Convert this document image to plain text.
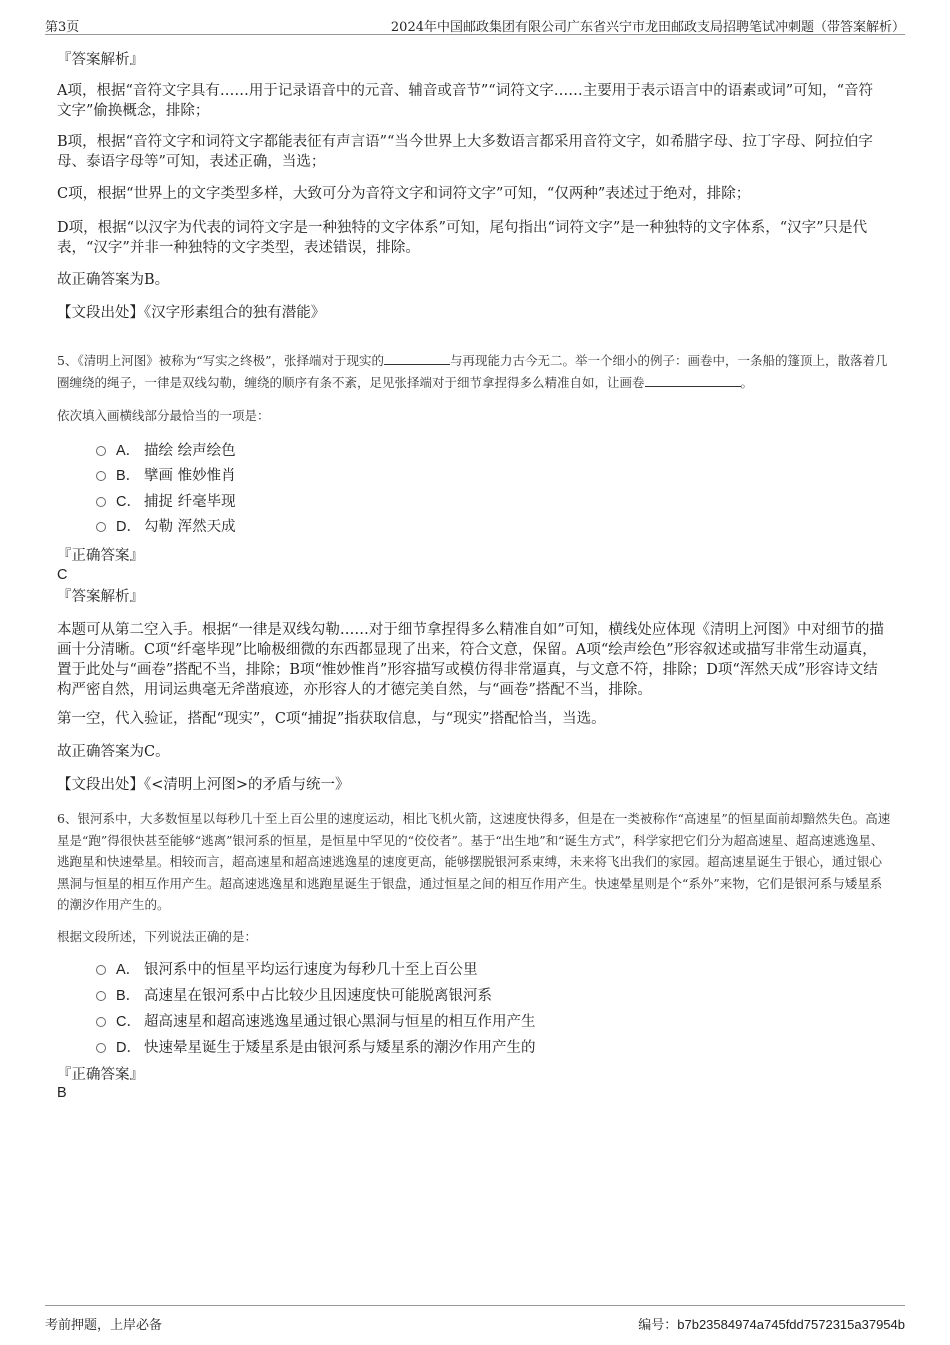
第3页	2024年中国邮政集团有限公司广东省兴宁市龙田邮政支局招聘笔试冲刺题（带答案解析）
『答案解析』
A项，根据“音符文字具有……用于记录语音中的元音、辅音或音节”“词符文字……主要用于表示语言中的语素或词”可知，“音符文字”偷换概念，排除；
B项，根据“音符文字和词符文字都能表征有声言语”“当今世界上大多数语言都采用音符文字，如希腊字母、拉丁字母、阿拉伯字母、泰语字母等”可知，表述正确，当选；
C项，根据“世界上的文字类型多样，大致可分为音符文字和词符文字”可知，“仅两种”表述过于绝对，排除；
D项，根据“以汉字为代表的词符文字是一种独特的文字体系”可知，尾句指出“词符文字”是一种独特的文字体系，“汉字”只是代表，“汉字”并非一种独特的文字类型，表述错误，排除。
故正确答案为B。
【文段出处】《汉字形素组合的独有潜能》
5、《清明上河图》被称为“写实之终极”，张择端对于现实的	与再现能力古今无二。举一个细小的例子：画卷中，一条船的篷顶上，散落着几圈缠绕的绳子，一律是双线勾勒，缠绕的顺序有条不紊，足见张择端对于细节拿捏得多么精准自如，让画卷	。
依次填入画横线部分最恰当的一项是：
A． 描绘 绘声绘色
B． 擘画 惟妙惟肖
C． 捕捉 纤毫毕现
D． 勾勒 浑然天成
『正确答案』
C
『答案解析』
本题可从第二空入手。根据“一律是双线勾勒……对于细节拿捏得多么精准自如”可知，横线处应体现《清明上河图》中对细节的描画十分清晰。C项“纤毫毕现”比喻极细微的东西都显现了出来，符合文意，保留。A项“绘声绘色”形容叙述或描写非常生动逼真，置于此处与“画卷”搭配不当，排除；B项“惟妙惟肖”形容描写或模仿得非常逼真，与文意不符，排除；D项“浑然天成”形容诗文结构严密自然，用词运典毫无斧凿痕迹，亦形容人的才德完美自然，与“画卷”搭配不当，排除。
第一空，代入验证，搭配“现实”，C项“捕捉”指获取信息，与“现实”搭配恰当，当选。
故正确答案为C。
【文段出处】《<清明上河图>的矛盾与统一》
6、银河系中，大多数恒星以每秒几十至上百公里的速度运动，相比飞机火箭，这速度快得多，但是在一类被称作“高速星”的恒星面前却黯然失色。高速星是“跑”得很快甚至能够“逃离”银河系的恒星，是恒星中罕见的“佼佼者”。基于“出生地”和“诞生方式”，科学家把它们分为超高速星、超高速逃逸星、逃跑星和快速晕星。相较而言，超高速星和超高速逃逸星的速度更高，能够摆脱银河系束缚，未来将飞出我们的家园。超高速星诞生于银心，通过银心黑洞与恒星的相互作用产生。超高速逃逸星和逃跑星诞生于银盘，通过恒星之间的相互作用产生。快速晕星则是个“系外”来物，它们是银河系与矮星系的潮汐作用产生的。
根据文段所述，下列说法正确的是：
A． 银河系中的恒星平均运行速度为每秒几十至上百公里
B． 高速星在银河系中占比较少且因速度快可能脱离银河系
C． 超高速星和超高速逃逸星通过银心黑洞与恒星的相互作用产生
D． 快速晕星诞生于矮星系是由银河系与矮星系的潮汐作用产生的
『正确答案』
B
考前押题，上岸必备	编号：b7b23584974a745fdd7572315a37954b
